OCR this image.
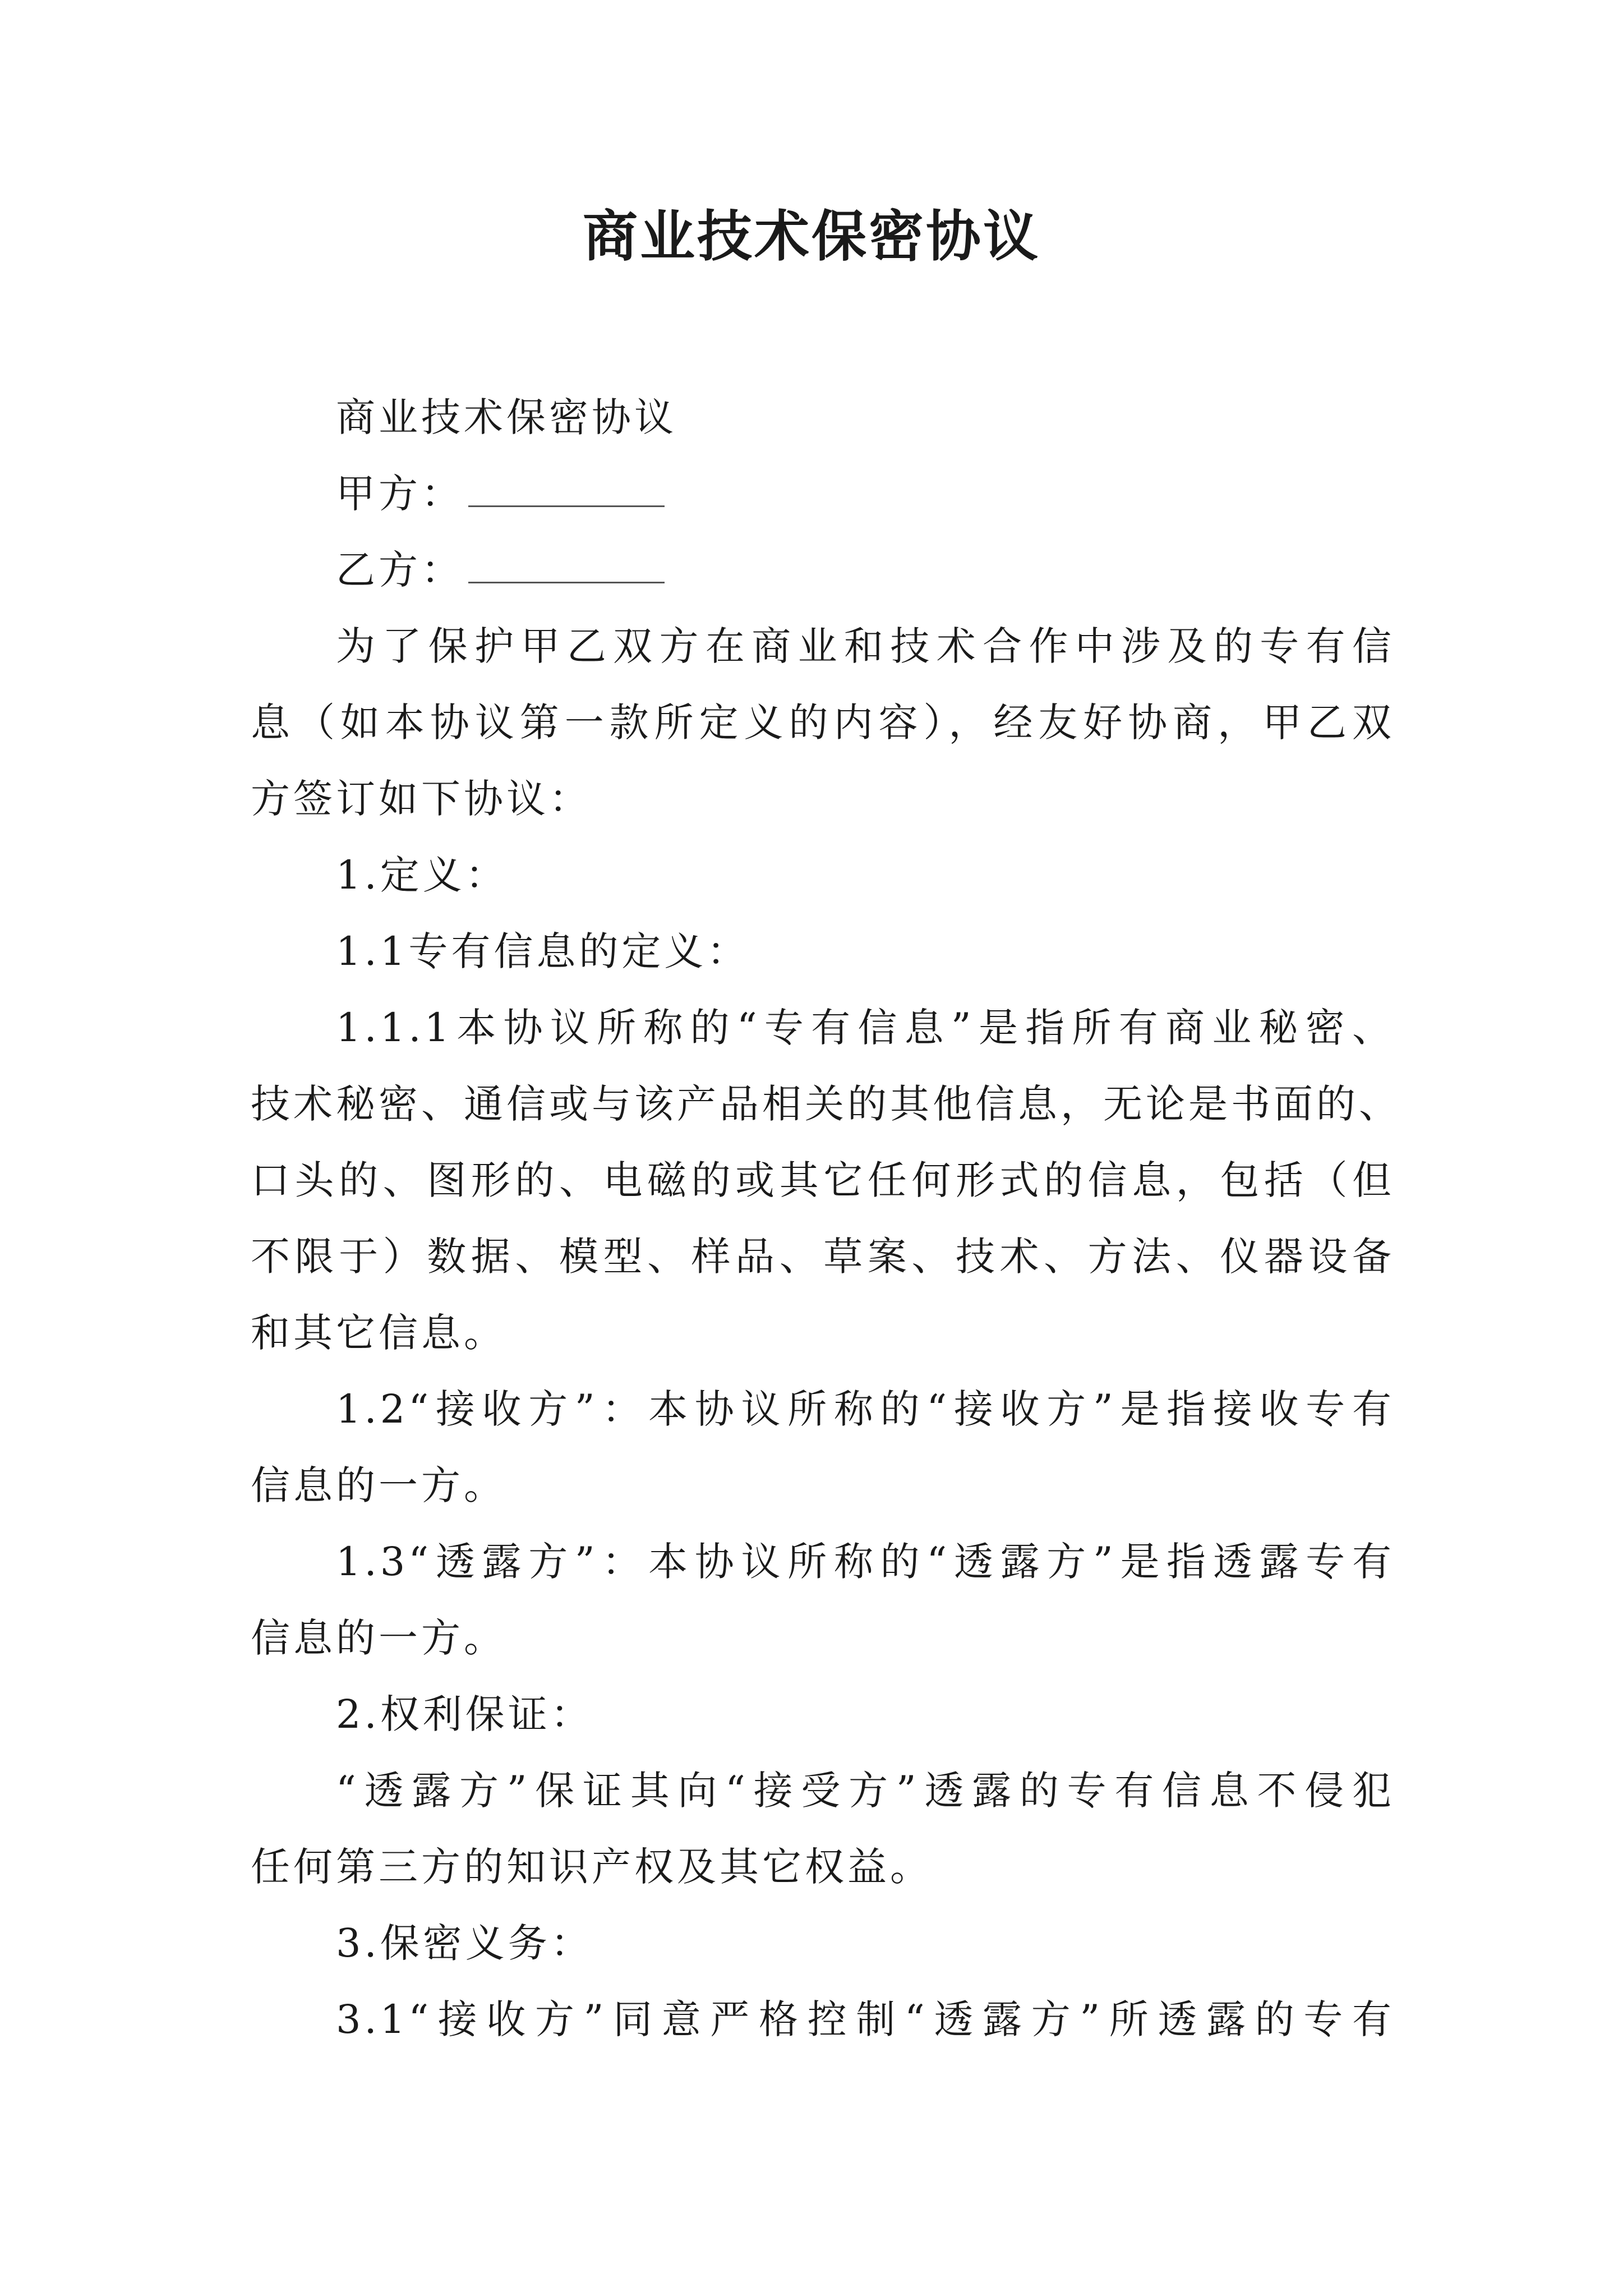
商业技术保密协议

商业技术保密协议

甲方：

乙方：

为了保护甲乙双方在商业和技术合作中涉及的专有信

息（如本协议第一款所定义的内容），经友好协商，甲乙双

方签订如下协议：

1.定义：

1.1专有信息的定义：

1.1.1本协议所称的“专有信息”是指所有商业秘密、

技术秘密、通信或与该产品相关的其他信息，无论是书面的、

口头的、图形的、电磁的或其它任何形式的信息，包括（但

不限于）数据、模型、样品、草案、技术、方法、仪器设备

和其它信息。

1.2“接收方”：本协议所称的“接收方”是指接收专有

信息的一方。

1.3“透露方”：本协议所称的“透露方”是指透露专有

信息的一方。

2.权利保证：

“透露方”保证其向“接受方”透露的专有信息不侵犯

任何第三方的知识产权及其它权益。

3.保密义务：

3.1“接收方”同意严格控制“透露方”所透露的专有
